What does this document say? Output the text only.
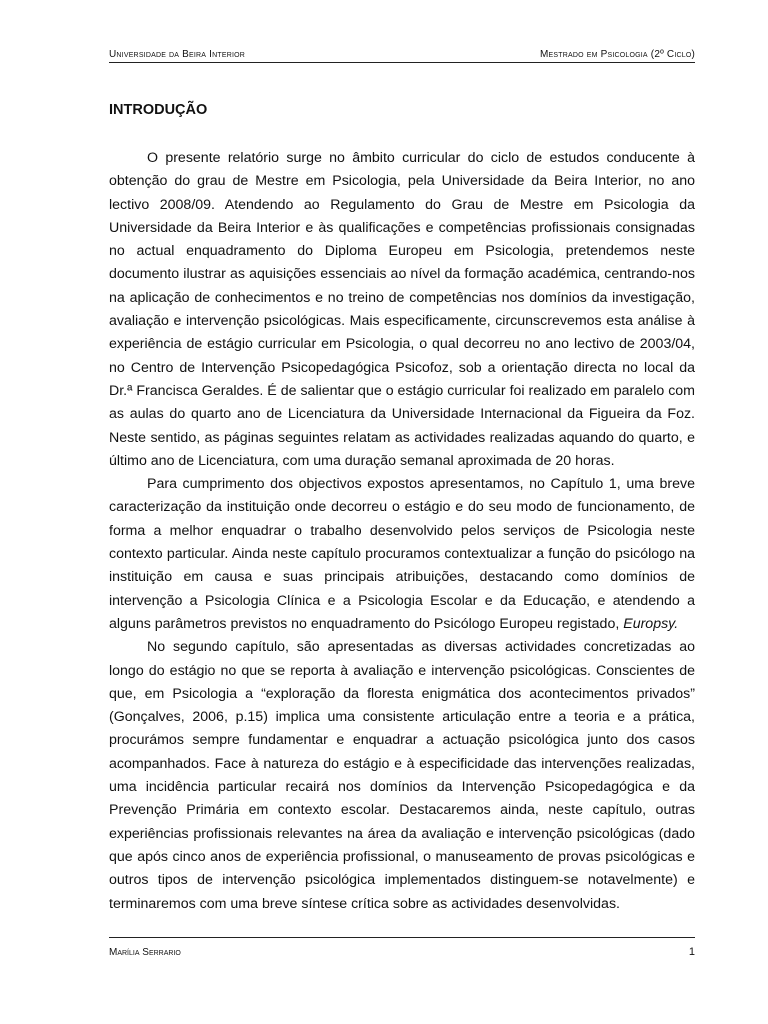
Universidade da Beira Interior	Mestrado em Psicologia (2º Ciclo)
INTRODUÇÃO

O presente relatório surge no âmbito curricular do ciclo de estudos conducente à obtenção do grau de Mestre em Psicologia, pela Universidade da Beira Interior, no ano lectivo 2008/09. Atendendo ao Regulamento do Grau de Mestre em Psicologia da Universidade da Beira Interior e às qualificações e competências profissionais consignadas no actual enquadramento do Diploma Europeu em Psicologia, pretendemos neste documento ilustrar as aquisições essenciais ao nível da formação académica, centrando-nos na aplicação de conhecimentos e no treino de competências nos domínios da investigação, avaliação e intervenção psicológicas. Mais especificamente, circunscrevemos esta análise à experiência de estágio curricular em Psicologia, o qual decorreu no ano lectivo de 2003/04, no Centro de Intervenção Psicopedagógica Psicofoz, sob a orientação directa no local da Dr.ª Francisca Geraldes. É de salientar que o estágio curricular foi realizado em paralelo com as aulas do quarto ano de Licenciatura da Universidade Internacional da Figueira da Foz. Neste sentido, as páginas seguintes relatam as actividades realizadas aquando do quarto, e último ano de Licenciatura, com uma duração semanal aproximada de 20 horas.

Para cumprimento dos objectivos expostos apresentamos, no Capítulo 1, uma breve caracterização da instituição onde decorreu o estágio e do seu modo de funcionamento, de forma a melhor enquadrar o trabalho desenvolvido pelos serviços de Psicologia neste contexto particular. Ainda neste capítulo procuramos contextualizar a função do psicólogo na instituição em causa e suas principais atribuições, destacando como domínios de intervenção a Psicologia Clínica e a Psicologia Escolar e da Educação, e atendendo a alguns parâmetros previstos no enquadramento do Psicólogo Europeu registado, Europsy.

No segundo capítulo, são apresentadas as diversas actividades concretizadas ao longo do estágio no que se reporta à avaliação e intervenção psicológicas. Conscientes de que, em Psicologia a “exploração da floresta enigmática dos acontecimentos privados” (Gonçalves, 2006, p.15) implica uma consistente articulação entre a teoria e a prática, procurámos sempre fundamentar e enquadrar a actuação psicológica junto dos casos acompanhados. Face à natureza do estágio e à especificidade das intervenções realizadas, uma incidência particular recairá nos domínios da Intervenção Psicopedagógica e da Prevenção Primária em contexto escolar. Destacaremos ainda, neste capítulo, outras experiências profissionais relevantes na área da avaliação e intervenção psicológicas (dado que após cinco anos de experiência profissional, o manuseamento de provas psicológicas e outros tipos de intervenção psicológica implementados distinguem-se notavelmente) e terminaremos com uma breve síntese crítica sobre as actividades desenvolvidas.

Marília Serrario	1
